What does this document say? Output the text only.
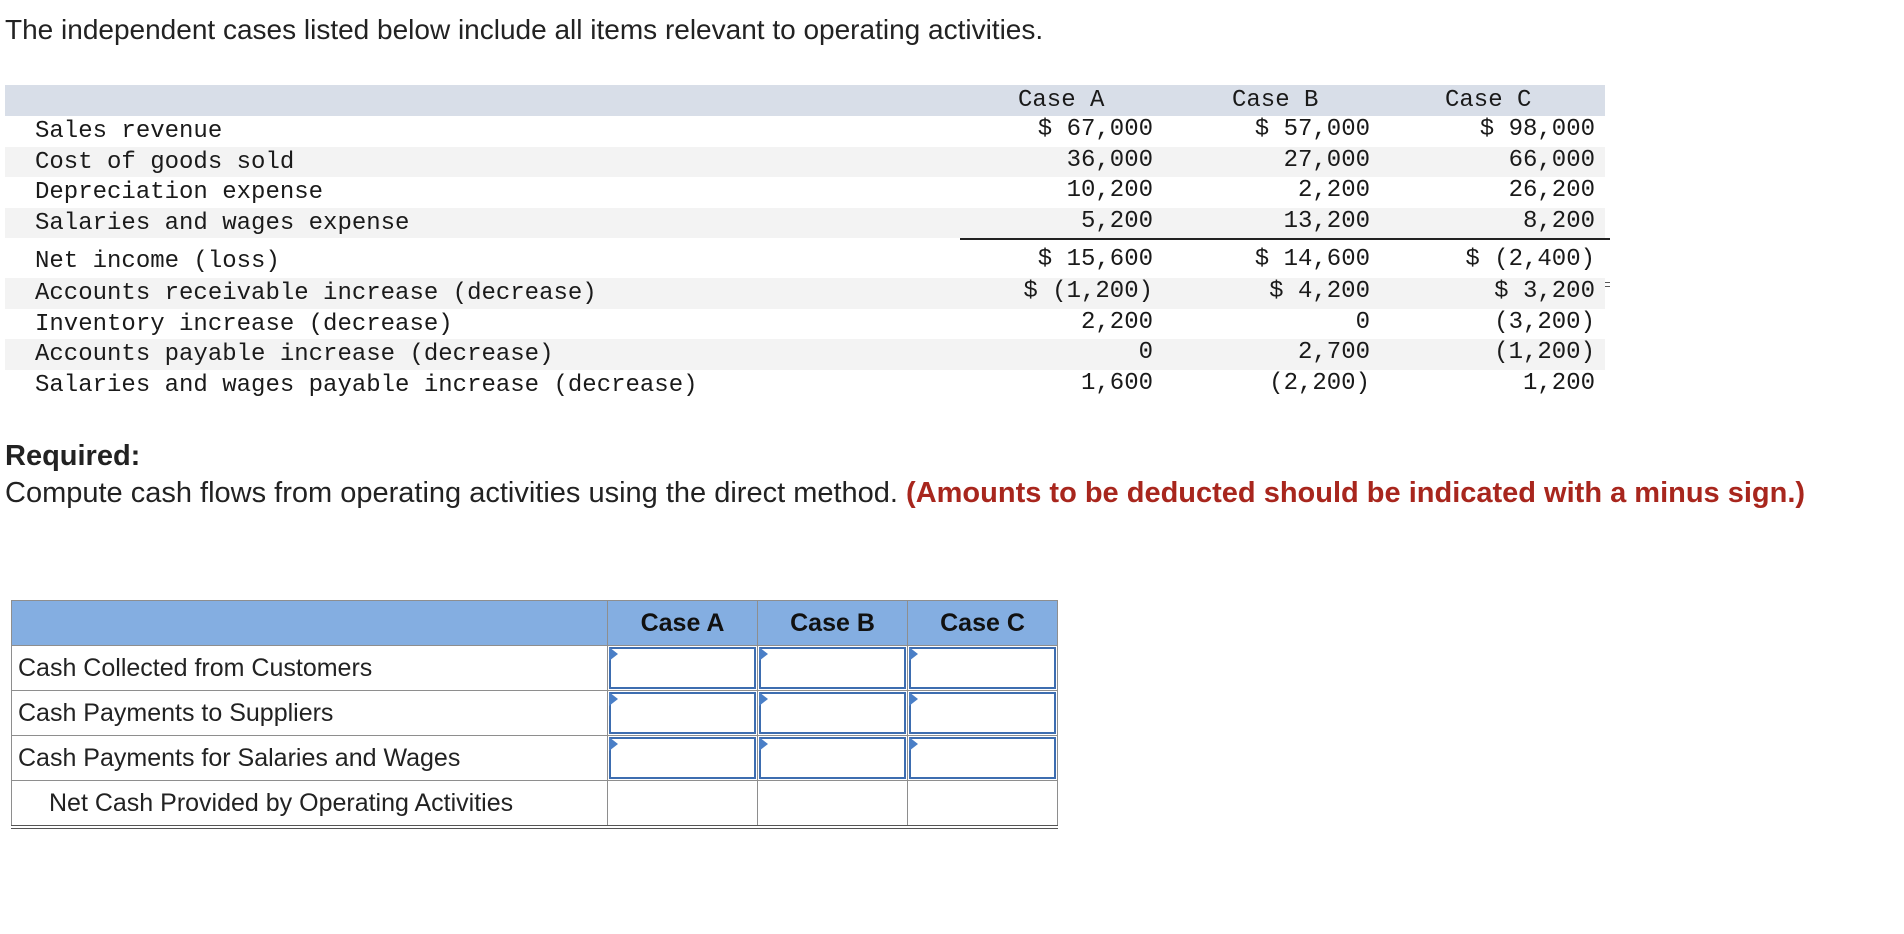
The independent cases listed below include all items relevant to operating activities.
Case A	Case B	Case C
Sales revenue	$ 67,000	$ 57,000	$ 98,000
Cost of goods sold	36,000	27,000	66,000
Depreciation expense	10,200	2,200	26,200
Salaries and wages expense	5,200	13,200	8,200
Net income (loss)	$ 15,600	$ 14,600	$ (2,400)
Accounts receivable increase (decrease)	$ (1,200)	$ 4,200	$ 3,200
Inventory increase (decrease)	2,200	0	(3,200)
Accounts payable increase (decrease)	0	2,700	(1,200)
Salaries and wages payable increase (decrease)	1,600	(2,200)	1,200
Required:
Compute cash flows from operating activities using the direct method. (Amounts to be deducted should be indicated with a minus sign.)
	Case A	Case B	Case C
Cash Collected from Customers	

Cash Payments to Suppliers	

Cash Payments for Salaries and Wages	

Net Cash Provided by Operating Activities			
